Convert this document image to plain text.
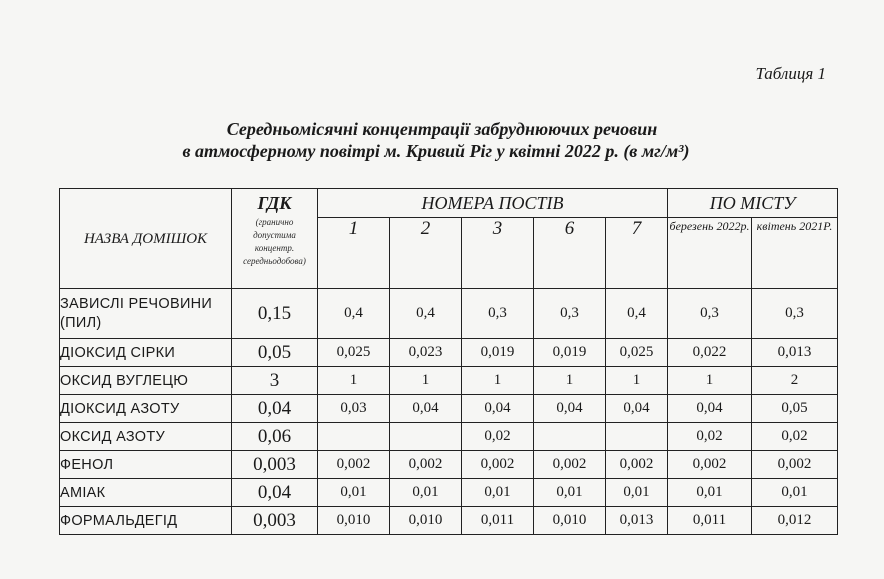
Таблиця 1
Середньомісячні концентрації забруднюючих речовин
в атмосферному повітрі м. Кривий Ріг у квітні 2022 р. (в мг/м³)
НАЗВА ДОМІШОК	ГДК
(гранично допустима концентр. середньодобова)	НОМЕРА ПОСТІВ					ПО МІСТУ	
		1	2	3	6	7	березень 2022р.	квітень 2021Р.
ЗАВИСЛІ РЕЧОВИНИ (ПИЛ)	0,15	0,4	0,4	0,3	0,3	0,4	0,3	0,3
ДІОКСИД СІРКИ	0,05	0,025	0,023	0,019	0,019	0,025	0,022	0,013
ОКСИД ВУГЛЕЦЮ	3	1	1	1	1	1	1	2
ДІОКСИД АЗОТУ	0,04	0,03	0,04	0,04	0,04	0,04	0,04	0,05
ОКСИД АЗОТУ	0,06			0,02			0,02	0,02
ФЕНОЛ	0,003	0,002	0,002	0,002	0,002	0,002	0,002	0,002
АМІАК	0,04	0,01	0,01	0,01	0,01	0,01	0,01	0,01
ФОРМАЛЬДЕГІД	0,003	0,010	0,010	0,011	0,010	0,013	0,011	0,012
